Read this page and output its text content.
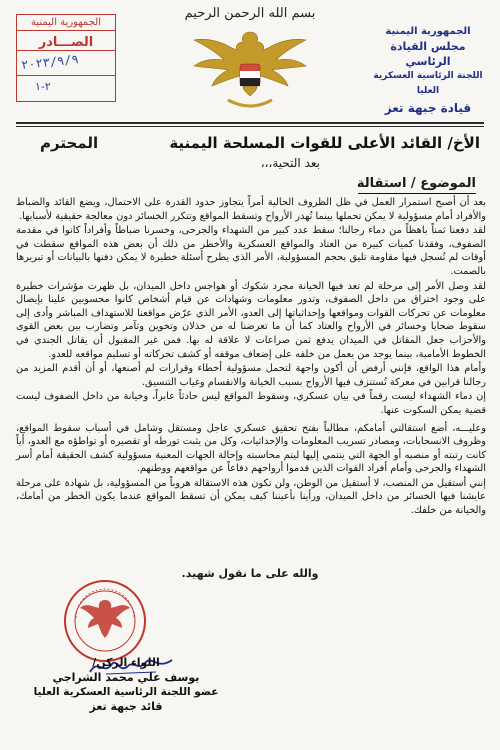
الجمهورية اليمنية
مجلس القيادة الرئاسي
اللجنة الرئاسية العسكرية العليا
قيادة جبهة تعز
بسم الله الرحمن الرحيم
الجمهورية اليمنية
الصـــادر
٢٠٢٣/٩/٩
٢-١
الأخ/ القائد الأعلى للقوات المسلحة اليمنية
المحترم
بعد التحية،،،
الموضوع / استقالة

بعد أن أصبح استمرار العمل في ظل الظروف الحالية أمراً يتجاوز حدود القدرة على الاحتمال، ويضع القائد والضباط والأفراد أمام مسؤولية لا يمكن تحملها بينما تُهدر الأرواح وتسقط المواقع وتتكرر الخسائر دون معالجة حقيقية لأسبابها.

لقد دفعنا ثمناً باهظاً من دماء رجالنا؛ سقط عدد كبير من الشهداء والجرحى، وخسرنا ضباطاً وأفراداً كانوا في مقدمة الصفوف، وفقدنا كميات كبيرة من العتاد والمواقع العسكرية والأخطر من ذلك أن بعض هذه المواقع سقطت في أوقات لم تُسجل فيها مقاومة تليق بحجم المسؤولية، الأمر الذي يطرح أسئلة خطيرة لا يمكن دفنها بالبيانات أو تبريرها بالصمت.

لقد وصل الأمر إلى مرحلة لم تعد فيها الخيانة مجرد شكوك أو هواجس داخل الميدان، بل ظهرت مؤشرات خطيرة على وجود اختراق من داخل الصفوف، وتدور معلومات وشهادات عن قيام أشخاص كانوا محسوبين علينا بإيصال معلومات عن تحركات القوات ومواقعها وإحداثياتها إلى العدو، الأمر الذي عرّض مواقعنا للاستهداف المباشر وأدى إلى سقوط ضحايا وخسائر في الأرواح والعتاد كما أن ما تعرضنا له من خذلان وتخوين وتآمر وتضارب بين بعض القوى والأحزاب جعل المقاتل في الميدان يدفع ثمن صراعات لا علاقة له بها. فمن غير المقبول أن يقاتل الجندي في الخطوط الأمامية، بينما يوجد من يعمل من خلفه على إضعاف موقفه أو كشف تحركاته أو تسليم مواقعه للعدو.

وأمام هذا الواقع، فإنني أرفض أن أكون واجهة لتحمل مسؤولية أخطاء وقرارات لم أصنعها، أو أن أقدم المزيد من رجالنا قرابين في معركة تُستنزف فيها الأرواح بسبب الخيانة والانقسام وغياب التنسيق.

إن دماء الشهداء ليست رقماً في بيان عسكري، وسقوط المواقع ليس حادثاً عابراً، وخيانة من داخل الصفوف ليست قضية يمكن السكوت عنها.

وعليـــه، أضع استقالتي أمامكم، مطالباً بفتح تحقيق عسكري عاجل ومستقل وشامل في أسباب سقوط المواقع، وظروف الانسحابات، ومصادر تسريب المعلومات والإحداثيات، وكل من يثبت تورطه أو تقصيره أو تواطؤه مع العدو، أياً كانت رتبته أو منصبه أو الجهة التي ينتمي إليها ليتم محاسبته وإحالة الجهات المعنية مسؤولية كشف الحقيقة أمام أسر الشهداء والجرحى وأمام أفراد القوات الذين قدموا أرواحهم دفاعاً عن مواقعهم ووطنهم.

إنني أستقيل من المنصب، لا أستقيل من الوطن، ولن تكون هذه الاستقالة هروباً من المسؤولية، بل شهادة على مرحلة عايشنا فيها الخسائر من داخل الميدان، ورأينا بأعيننا كيف يمكن أن تسقط المواقع عندما يكون الخطر من أمامك، والخيانة من خلفك.

والله على ما نقول شهيد.
اللواء الركن/
يوسف علي محمد الشراجي
عضو اللجنة الرئاسية العسكرية العليا
قائد جبهة تعز
